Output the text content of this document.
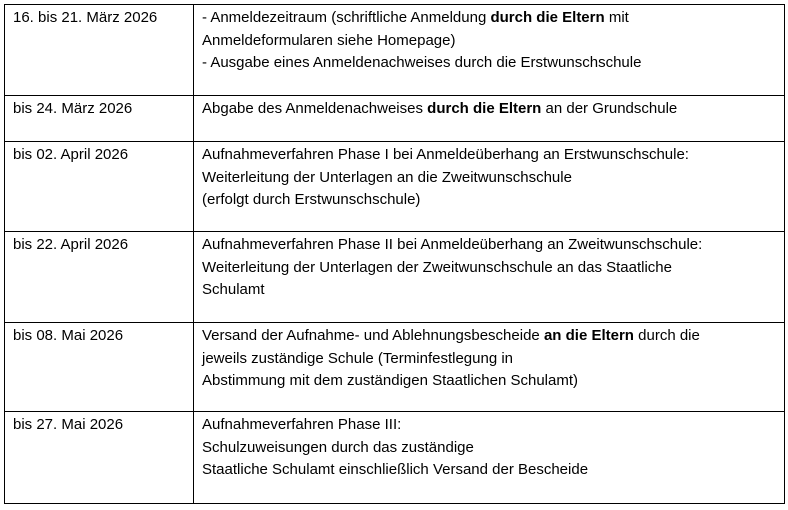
16. bis 21. März 2026	- Anmeldezeitraum (schriftliche Anmeldung durch die Eltern mit
Anmeldeformularen siehe Homepage)
- Ausgabe eines Anmeldenachweises durch die Erstwunschschule

bis 24. März 2026	Abgabe des Anmeldenachweises durch die Eltern an der Grundschule

bis 02. April 2026	Aufnahmeverfahren Phase I bei Anmeldeüberhang an Erstwunschschule:
Weiterleitung der Unterlagen an die Zweitwunschschule
(erfolgt durch Erstwunschschule)

bis 22. April 2026	Aufnahmeverfahren Phase II bei Anmeldeüberhang an Zweitwunschschule:
Weiterleitung der Unterlagen der Zweitwunschschule an das Staatliche
Schulamt

bis 08. Mai 2026	Versand der Aufnahme- und Ablehnungsbescheide an die Eltern durch die
jeweils zuständige Schule (Terminfestlegung in
Abstimmung mit dem zuständigen Staatlichen Schulamt)

bis 27. Mai 2026	Aufnahmeverfahren Phase III:
Schulzuweisungen durch das zuständige
Staatliche Schulamt einschließlich Versand der Bescheide
